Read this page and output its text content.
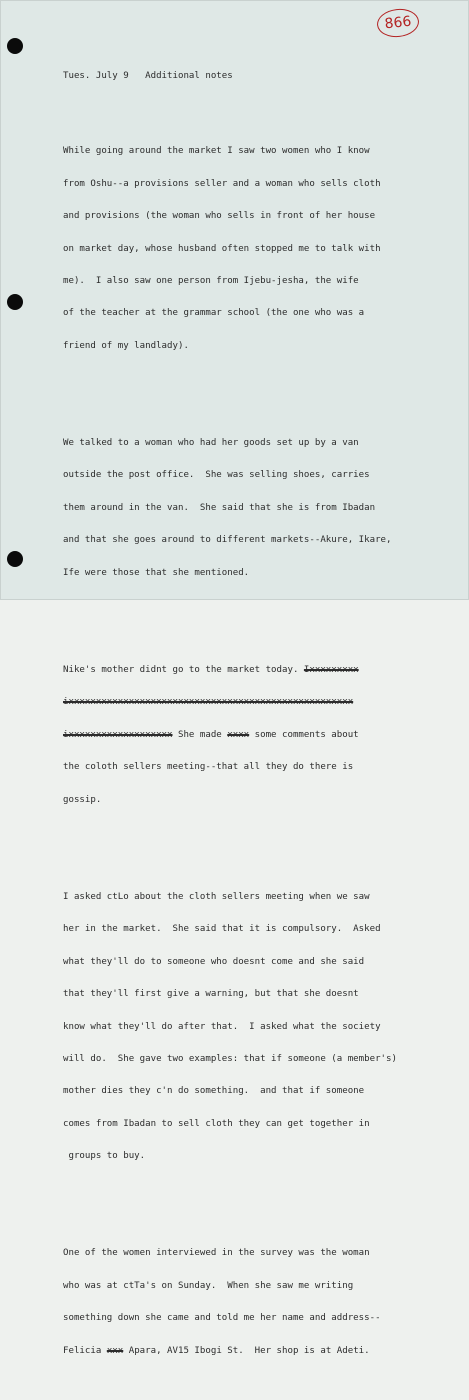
866

Tues. July 9   Additional notes

While going around the market I saw two women who I know

from Oshu--a provisions seller and a woman who sells cloth

and provisions (the woman who sells in front of her house

on market day, whose husband often stopped me to talk with

me).  I also saw one person from Ijebu-jesha, the wife

of the teacher at the grammar school (the one who was a

friend of my landlady).

We talked to a woman who had her goods set up by a van

outside the post office.  She was selling shoes, carries

them around in the van.  She said that she is from Ibadan

and that she goes around to different markets--Akure, Ikare,

Ife were those that she mentioned.

Nike's mother didnt go to the market today. Ixxxxxxxxx

ixxxxxxxxxxxxxxxxxxxxxxxxxxxxxxxxxxxxxxxxxxxxxxxxxxxx

ixxxxxxxxxxxxxxxxxxx She made xxxx some comments about

the coloth sellers meeting--that all they do there is

gossip.

I asked ctLo about the cloth sellers meeting when we saw

her in the market.  She said that it is compulsory.  Asked

what they'll do to someone who doesnt come and she said

that they'll first give a warning, but that she doesnt

know what they'll do after that.  I asked what the society

will do.  She gave two examples: that if someone (a member's)

mother dies they c'n do something.  and that if someone

comes from Ibadan to sell cloth they can get together in

groups to buy.

One of the women interviewed in the survey was the woman

who was at ctTa's on Sunday.  When she saw me writing

something down she came and told me her name and address--

Felicia xxx Apara, AV15 Ibogi St.  Her shop is at Adeti.
